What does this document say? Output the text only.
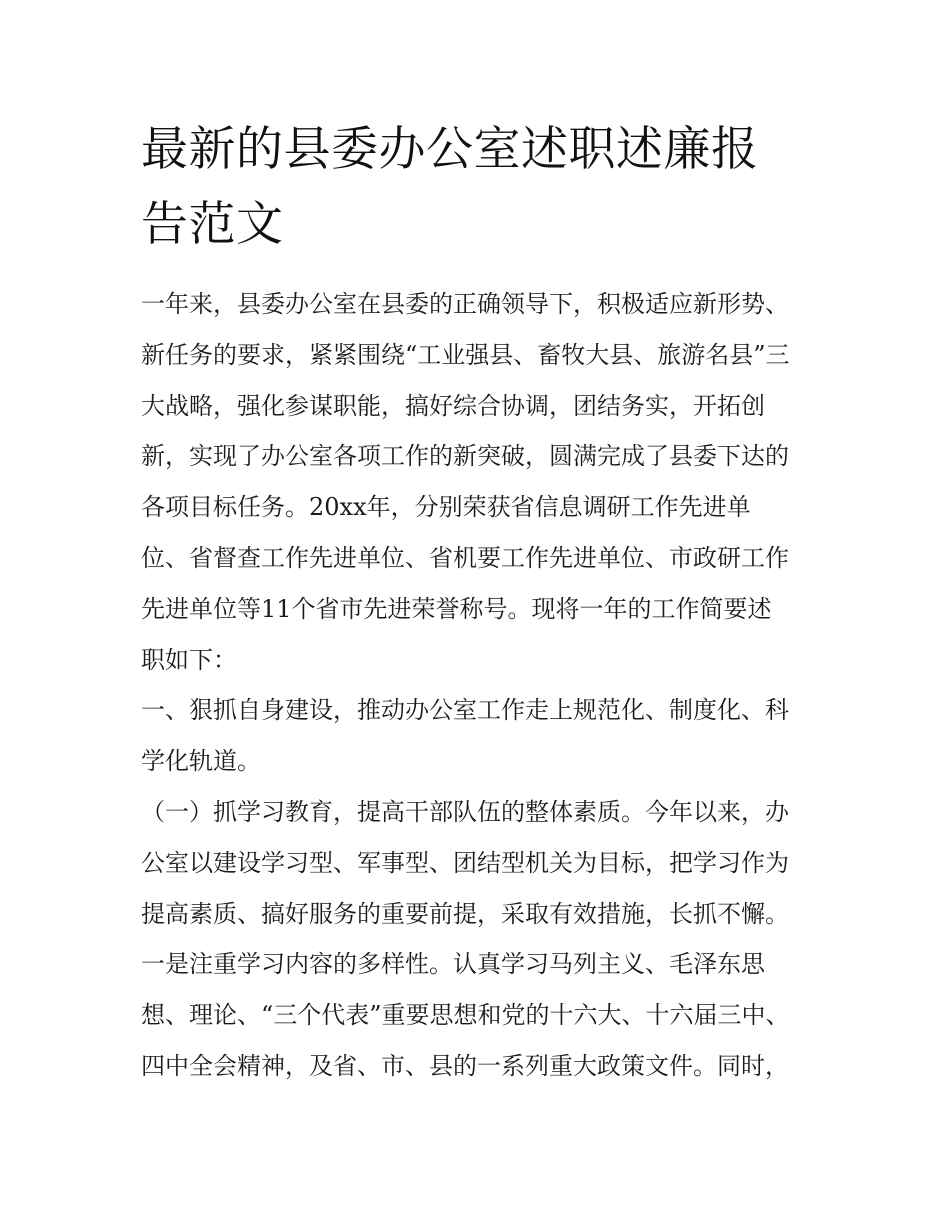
最新的县委办公室述职述廉报
告范文
一年来，县委办公室在县委的正确领导下，积极适应新形势、
新任务的要求，紧紧围绕“工业强县、畜牧大县、旅游名县”三
大战略，强化参谋职能，搞好综合协调，团结务实，开拓创
新，实现了办公室各项工作的新突破，圆满完成了县委下达的
各项目标任务。20xx年，分别荣获省信息调研工作先进单
位、省督查工作先进单位、省机要工作先进单位、市政研工作
先进单位等11个省市先进荣誉称号。现将一年的工作简要述
职如下：
一、狠抓自身建设，推动办公室工作走上规范化、制度化、科
学化轨道。
（一）抓学习教育，提高干部队伍的整体素质。今年以来，办
公室以建设学习型、军事型、团结型机关为目标，把学习作为
提高素质、搞好服务的重要前提，采取有效措施，长抓不懈。
一是注重学习内容的多样性。认真学习马列主义、毛泽东思
想、理论、“三个代表”重要思想和党的十六大、十六届三中、
四中全会精神，及省、市、县的一系列重大政策文件。同时，
